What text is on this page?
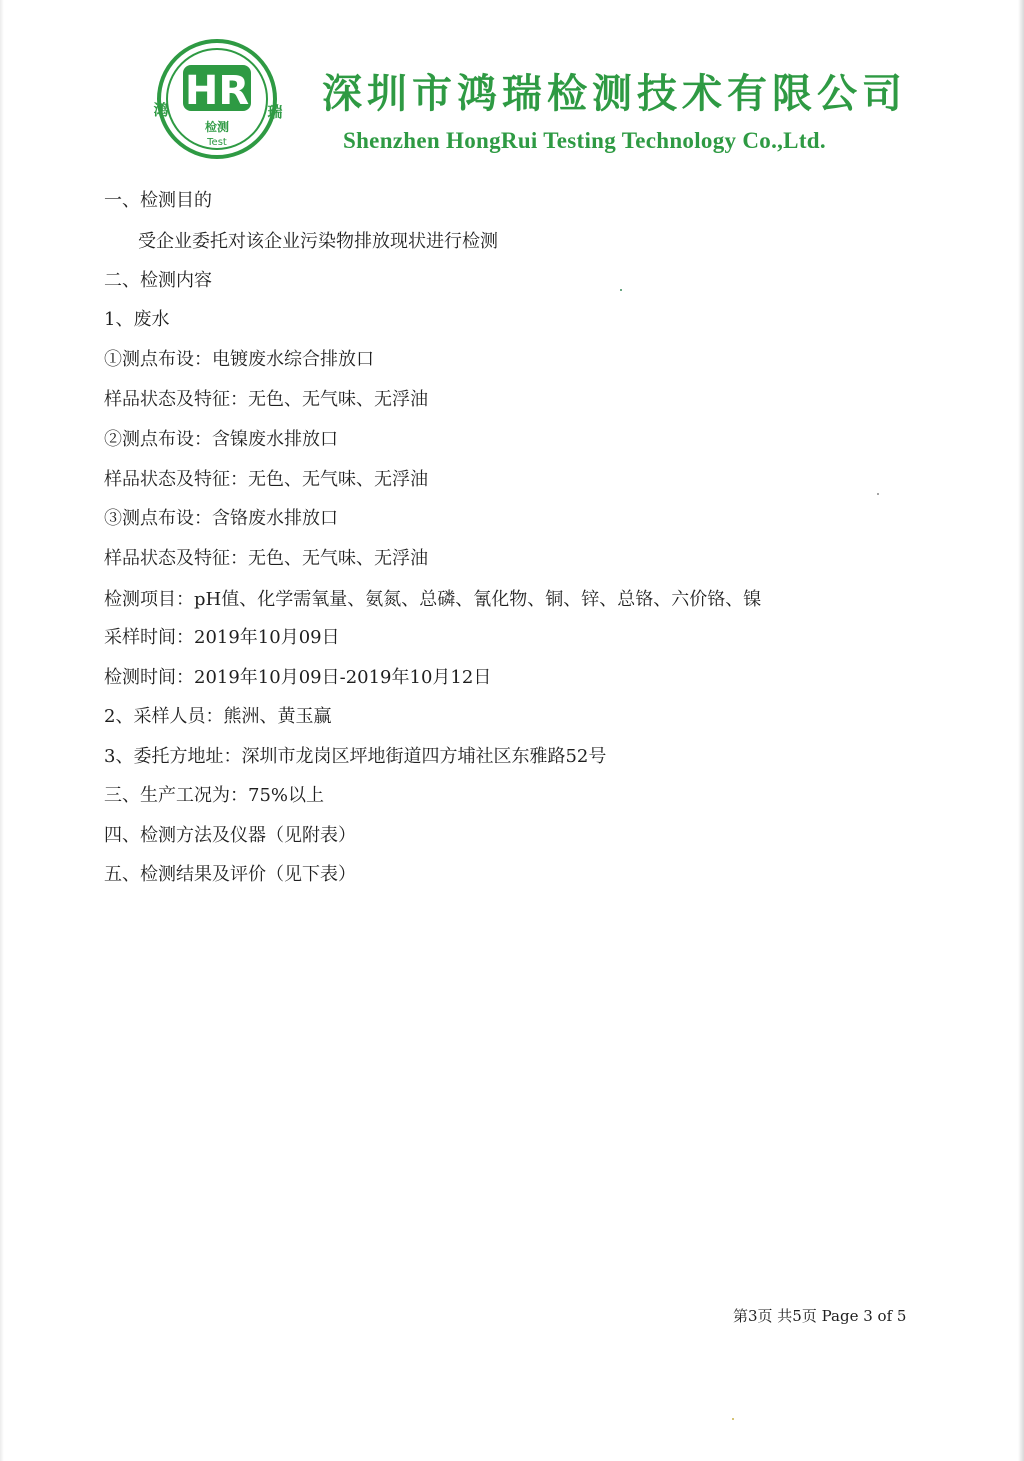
HR
鸿	瑞
检测
Test
深圳市鸿瑞检测技术有限公司
Shenzhen HongRui Testing Technology Co.,Ltd.
一、检测目的
受企业委托对该企业污染物排放现状进行检测
二、检测内容
1、废水
①测点布设：电镀废水综合排放口
样品状态及特征：无色、无气味、无浮油
②测点布设：含镍废水排放口
样品状态及特征：无色、无气味、无浮油
③测点布设：含铬废水排放口
样品状态及特征：无色、无气味、无浮油
检测项目：pH值、化学需氧量、氨氮、总磷、氰化物、铜、锌、总铬、六价铬、镍
采样时间：2019年10月09日
检测时间：2019年10月09日-2019年10月12日
2、采样人员：熊洲、黄玉赢
3、委托方地址：深圳市龙岗区坪地街道四方埔社区东雅路52号
三、生产工况为：75%以上
四、检测方法及仪器（见附表）
五、检测结果及评价（见下表）
第3页 共5页 Page 3 of 5
